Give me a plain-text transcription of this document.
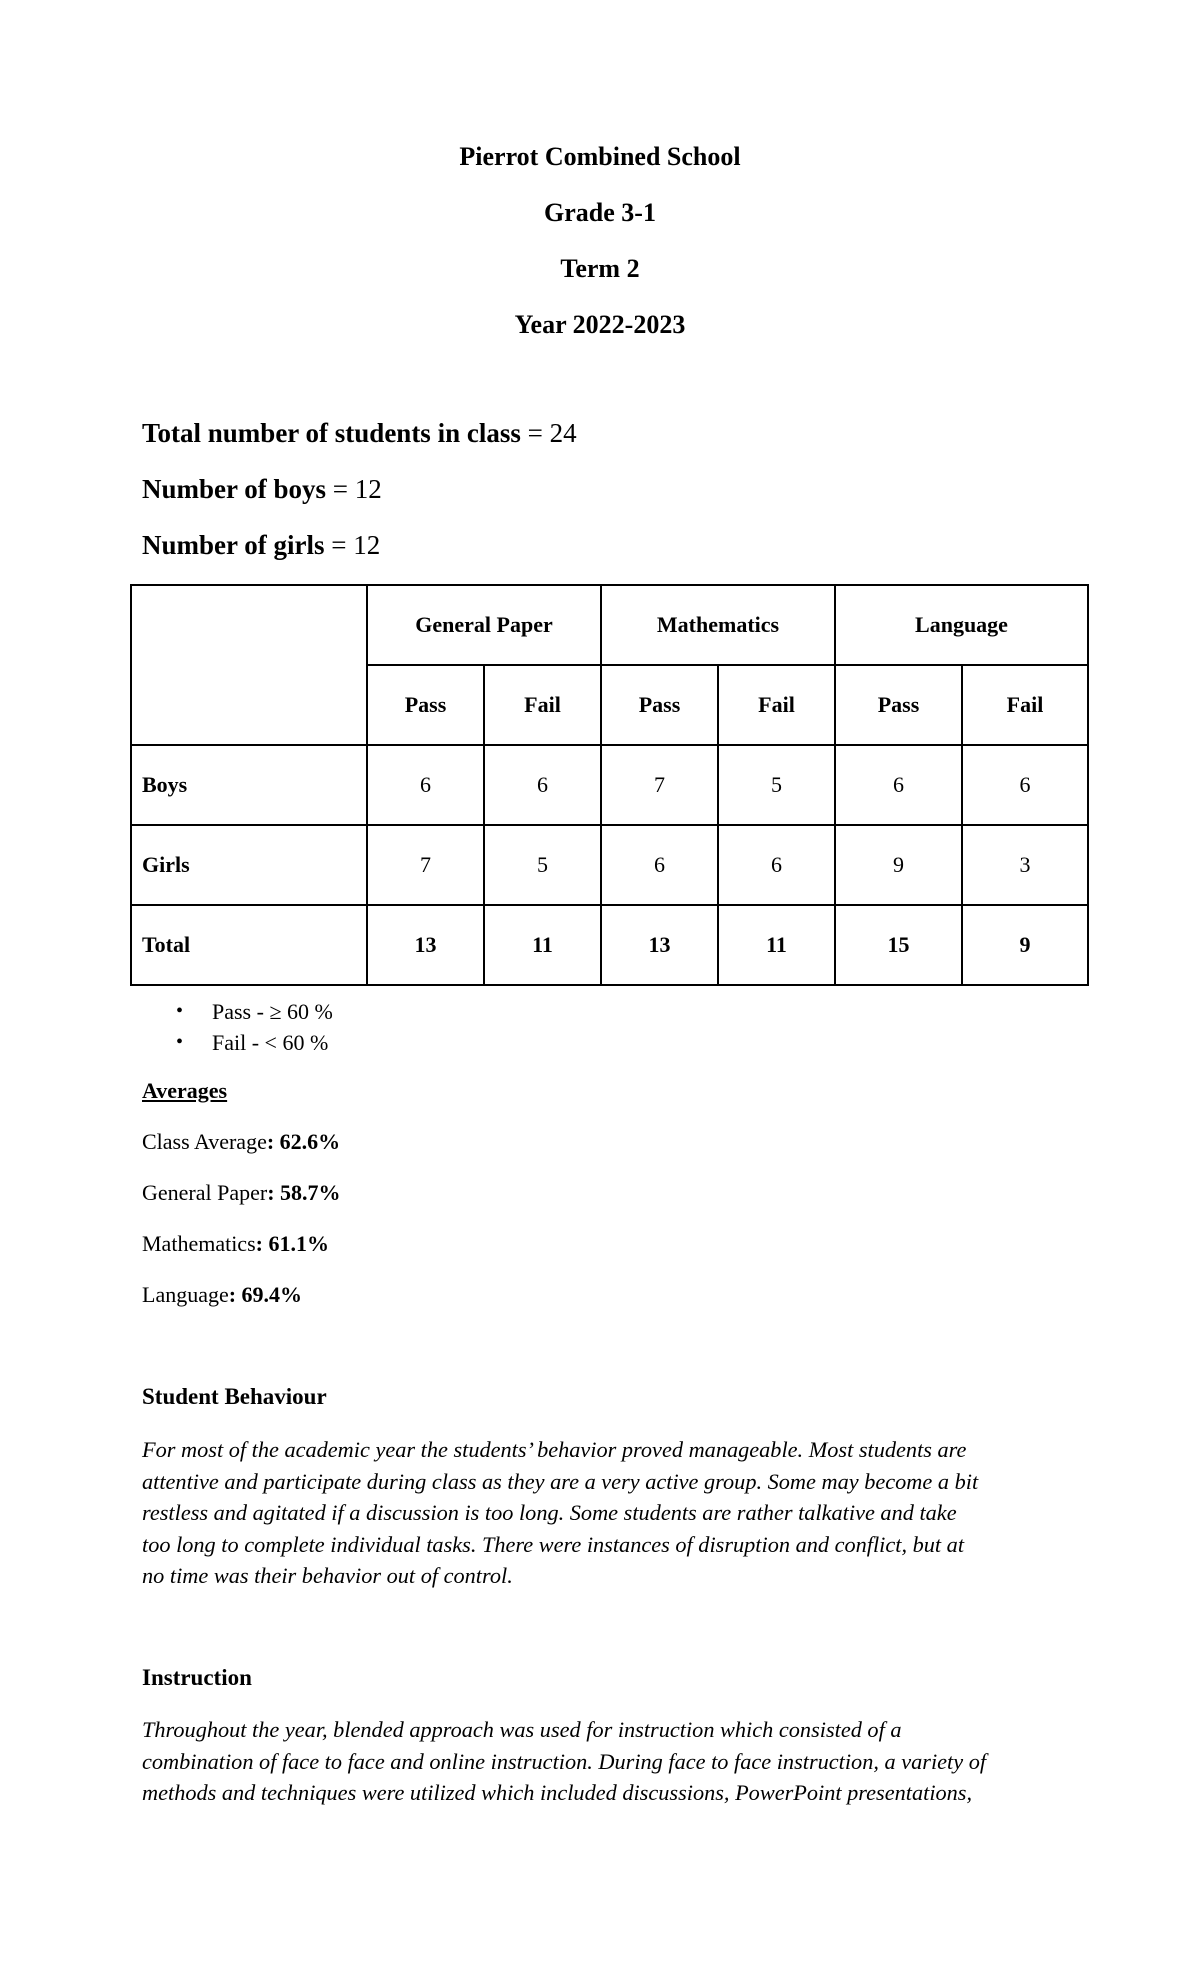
Pierrot Combined School
Grade 3-1
Term 2
Year 2022-2023
Total number of students in class = 24
Number of boys = 12
Number of girls = 12
	General Paper		Mathematics		Language	
	Pass	Fail	Pass	Fail	Pass	Fail
Boys	6	6	7	5	6	6
Girls	7	5	6	6	9	3
Total	13	11	13	11	15	9
• Pass - ≥ 60 %
• Fail - < 60 %
Averages
Class Average: 62.6%
General Paper: 58.7%
Mathematics: 61.1%
Language: 69.4%
Student Behaviour
For most of the academic year the students’ behavior proved manageable. Most students are
attentive and participate during class as they are a very active group. Some may become a bit
restless and agitated if a discussion is too long. Some students are rather talkative and take
too long to complete individual tasks. There were instances of disruption and conflict, but at
no time was their behavior out of control.
Instruction
Throughout the year, blended approach was used for instruction which consisted of a
combination of face to face and online instruction. During face to face instruction, a variety of
methods and techniques were utilized which included discussions, PowerPoint presentations,
